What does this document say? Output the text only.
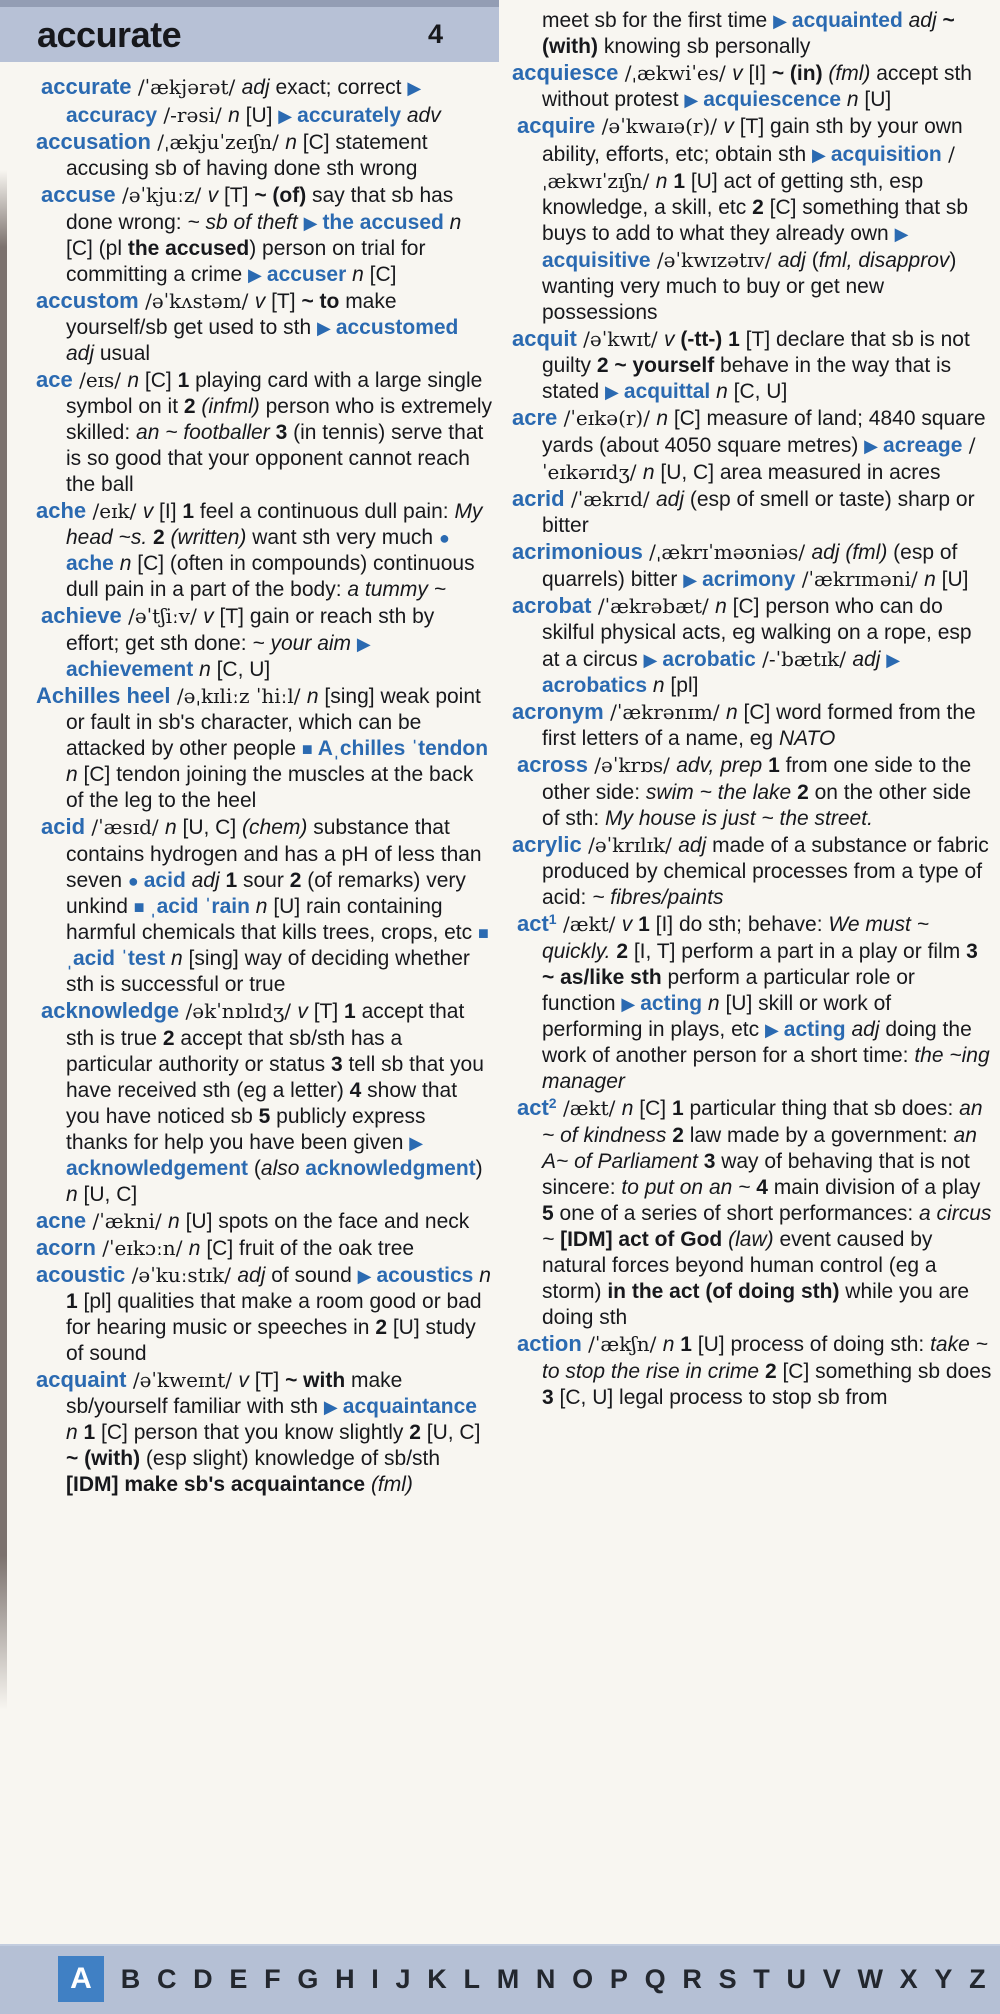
accurate	4

accurate /ˈækjərət/ adj exact; correct ▶ accuracy /-rəsi/ n [U] ▶ accurately adv

accusation /ˌækjuˈzeɪʃn/ n [C] statement accusing sb of having done sth wrong

accuse /əˈkjuːz/ v [T] ~ (of) say that sb has done wrong: ~ sb of theft ▶ the accused n [C] (pl the accused) person on trial for committing a crime ▶ accuser n [C]

accustom /əˈkʌstəm/ v [T] ~ to make yourself/sb get used to sth ▶ accustomed adj usual

ace /eɪs/ n [C] 1 playing card with a large single symbol on it 2 (infml) person who is extremely skilled: an ~ footballer 3 (in tennis) serve that is so good that your opponent cannot reach the ball

ache /eɪk/ v [I] 1 feel a continuous dull pain: My head ~s. 2 (written) want sth very much ● ache n [C] (often in compounds) continuous dull pain in a part of the body: a tummy ~

achieve /əˈtʃiːv/ v [T] gain or reach sth by effort; get sth done: ~ your aim ▶ achievement n [C, U]

Achilles heel /əˌkɪliːz ˈhiːl/ n [sing] weak point or fault in sb's character, which can be attacked by other people ■ Aˌchilles ˈtendon n [C] tendon joining the muscles at the back of the leg to the heel

acid /ˈæsɪd/ n [U, C] (chem) substance that contains hydrogen and has a pH of less than seven ● acid adj 1 sour 2 (of remarks) very unkind ■ ˌacid ˈrain n [U] rain containing harmful chemicals that kills trees, crops, etc ■ ˌacid ˈtest n [sing] way of deciding whether sth is successful or true

acknowledge /əkˈnɒlɪdʒ/ v [T] 1 accept that sth is true 2 accept that sb/sth has a particular authority or status 3 tell sb that you have received sth (eg a letter) 4 show that you have noticed sb 5 publicly express thanks for help you have been given ▶ acknowledgement (also acknowledgment) n [U, C]

acne /ˈækni/ n [U] spots on the face and neck

acorn /ˈeɪkɔːn/ n [C] fruit of the oak tree

acoustic /əˈkuːstɪk/ adj of sound ▶ acoustics n 1 [pl] qualities that make a room good or bad for hearing music or speeches in 2 [U] study of sound

acquaint /əˈkweɪnt/ v [T] ~ with make sb/yourself familiar with sth ▶ acquaintance n 1 [C] person that you know slightly 2 [U, C] ~ (with) (esp slight) knowledge of sb/sth [IDM] make sb's acquaintance (fml)

meet sb for the first time ▶ acquainted adj ~ (with) knowing sb personally

acquiesce /ˌækwiˈes/ v [I] ~ (in) (fml) accept sth without protest ▶ acquiescence n [U]

acquire /əˈkwaɪə(r)/ v [T] gain sth by your own ability, efforts, etc; obtain sth ▶ acquisition /ˌækwɪˈzɪʃn/ n 1 [U] act of getting sth, esp knowledge, a skill, etc 2 [C] something that sb buys to add to what they already own ▶ acquisitive /əˈkwɪzətɪv/ adj (fml, disapprov) wanting very much to buy or get new possessions

acquit /əˈkwɪt/ v (-tt-) 1 [T] declare that sb is not guilty 2 ~ yourself behave in the way that is stated ▶ acquittal n [C, U]

acre /ˈeɪkə(r)/ n [C] measure of land; 4840 square yards (about 4050 square metres) ▶ acreage /ˈeɪkərɪdʒ/ n [U, C] area measured in acres

acrid /ˈækrɪd/ adj (esp of smell or taste) sharp or bitter

acrimonious /ˌækrɪˈməʊniəs/ adj (fml) (esp of quarrels) bitter ▶ acrimony /ˈækrɪməni/ n [U]

acrobat /ˈækrəbæt/ n [C] person who can do skilful physical acts, eg walking on a rope, esp at a circus ▶ acrobatic /-ˈbætɪk/ adj ▶ acrobatics n [pl]

acronym /ˈækrənɪm/ n [C] word formed from the first letters of a name, eg NATO

across /əˈkrɒs/ adv, prep 1 from one side to the other side: swim ~ the lake 2 on the other side of sth: My house is just ~ the street.

acrylic /əˈkrɪlɪk/ adj made of a substance or fabric produced by chemical processes from a type of acid: ~ fibres/paints

act$^1$ /ækt/ v 1 [I] do sth; behave: We must ~ quickly. 2 [I, T] perform a part in a play or film 3 ~ as/like sth perform a particular role or function ▶ acting n [U] skill or work of performing in plays, etc ▶ acting adj doing the work of another person for a short time: the ~ing manager

act$^2$ /ækt/ n [C] 1 particular thing that sb does: an ~ of kindness 2 law made by a government: an A~ of Parliament 3 way of behaving that is not sincere: to put on an ~ 4 main division of a play 5 one of a series of short performances: a circus ~ [IDM] act of God (law) event caused by natural forces beyond human control (eg a storm) in the act (of doing sth) while you are doing sth

action /ˈækʃn/ n 1 [U] process of doing sth: take ~ to stop the rise in crime 2 [C] something sb does 3 [C, U] legal process to stop sb from

A	B C D E F G H I J K L M N O P Q R S T U V W X Y Z
